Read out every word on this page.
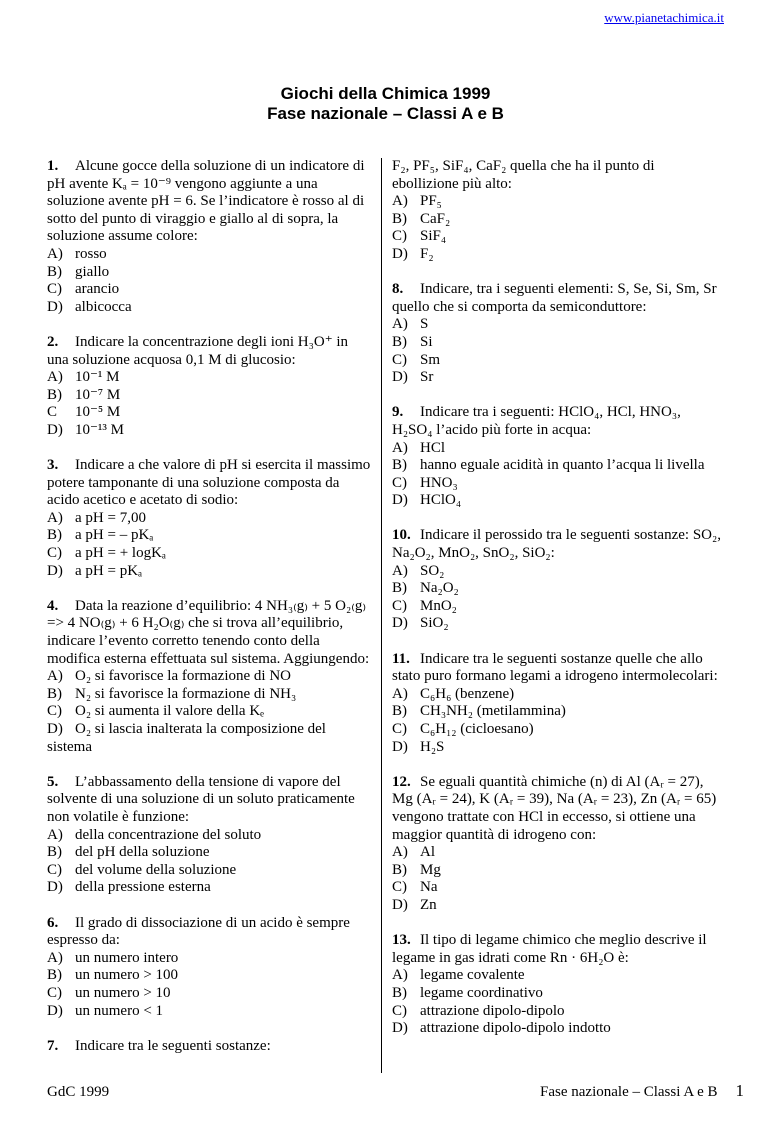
www.pianetachimica.it
Giochi della Chimica 1999
Fase nazionale – Classi A e B
1. Alcune gocce della soluzione di un indicatore di pH avente Kₐ = 10⁻⁹ vengono aggiunte a una soluzione avente pH = 6. Se l’indicatore è rosso al di sotto del punto di viraggio e giallo al di sopra, la soluzione assume colore:
A) rosso
B) giallo
C) arancio
D) albicocca
2. Indicare la concentrazione degli ioni H₃O⁺ in una soluzione acquosa 0,1 M di glucosio:
A) 10⁻¹ M
B) 10⁻⁷ M
C	10⁻⁵ M
D) 10⁻¹³ M
3. Indicare a che valore di pH si esercita il massimo potere tamponante di una soluzione composta da acido acetico e acetato di sodio:
A) a pH = 7,00
B) a pH = – pKₐ
C) a pH = + logKₐ
D) a pH = pKₐ
4. Data la reazione d’equilibrio: 4 NH₃₍g₎ + 5 O₂₍g₎ => 4 NO₍g₎ + 6 H₂O₍g₎ che si trova all’equilibrio, indicare l’evento corretto tenendo conto della modifica esterna effettuata sul sistema. Aggiungendo:
A) O₂ si favorisce la formazione di NO
B) N₂ si favorisce la formazione di NH₃
C) O₂ si aumenta il valore della Kₑ
D) O₂ si lascia inalterata la composizione del sistema
5. L’abbassamento della tensione di vapore del solvente di una soluzione di un soluto praticamente non volatile è funzione:
A) della concentrazione del soluto
B) del pH della soluzione
C) del volume della soluzione
D) della pressione esterna
6. Il grado di dissociazione di un acido è sempre espresso da:
A) un numero intero
B) un numero > 100
C) un numero > 10
D) un numero < 1
7. Indicare tra le seguenti sostanze:
F₂, PF₅, SiF₄, CaF₂ quella che ha il punto di ebollizione più alto:
A) PF₅
B) CaF₂
C) SiF₄
D) F₂
8. Indicare, tra i seguenti elementi: S, Se, Si, Sm, Sr quello che si comporta da semiconduttore:
A) S
B) Si
C) Sm
D) Sr
9. Indicare tra i seguenti: HClO₄, HCl, HNO₃, H₂SO₄ l’acido più forte in acqua:
A) HCl
B) hanno eguale acidità in quanto l’acqua li livella
C) HNO₃
D) HClO₄
10. Indicare il perossido tra le seguenti sostanze: SO₂, Na₂O₂, MnO₂, SnO₂, SiO₂:
A) SO₂
B) Na₂O₂
C) MnO₂
D) SiO₂
11. Indicare tra le seguenti sostanze quelle che allo stato puro formano legami a idrogeno intermolecolari:
A) C₆H₆ (benzene)
B) CH₃NH₂ (metilammina)
C) C₆H₁₂ (cicloesano)
D) H₂S
12. Se eguali quantità chimiche (n) di Al (Aᵣ = 27), Mg (Aᵣ = 24), K (Aᵣ = 39), Na (Aᵣ = 23), Zn (Aᵣ = 65) vengono trattate con HCl in eccesso, si ottiene una maggior quantità di idrogeno con:
A) Al
B) Mg
C) Na
D) Zn
13. Il tipo di legame chimico che meglio descrive il legame in gas idrati come Rn · 6H₂O è:
A) legame covalente
B) legame coordinativo
C) attrazione dipolo-dipolo
D) attrazione dipolo-dipolo indotto
GdC 1999	Fase nazionale – Classi A e B 1
